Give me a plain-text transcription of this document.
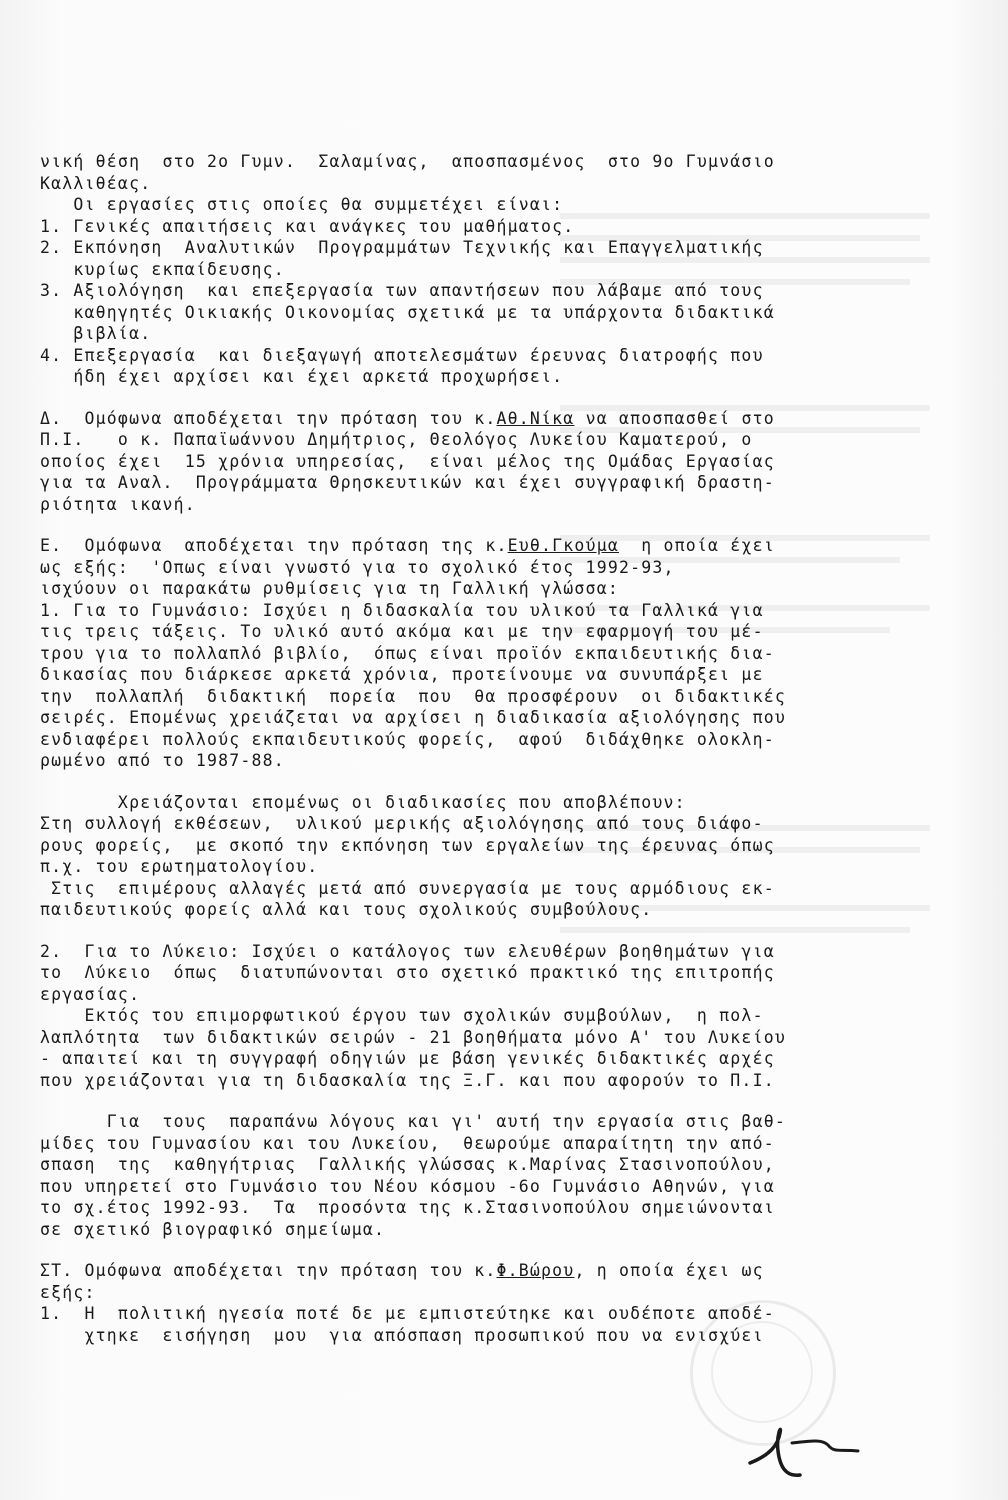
νική θέση  στο 2ο Γυμν.  Σαλαμίνας,  αποσπασμένος  στο 9ο Γυμνάσιο
Καλλιθέας.
Οι εργασίες στις οποίες θα συμμετέχει είναι:
1. Γενικές απαιτήσεις και ανάγκες του μαθήματος.
2. Εκπόνηση  Αναλυτικών  Προγραμμάτων Τεχνικής και Επαγγελματικής
κυρίως εκπαίδευσης.
3. Αξιολόγηση  και επεξεργασία των απαντήσεων που λάβαμε από τους
καθηγητές Οικιακής Οικονομίας σχετικά με τα υπάρχοντα διδακτικά
βιβλία.
4. Επεξεργασία  και διεξαγωγή αποτελεσμάτων έρευνας διατροφής που
ήδη έχει αρχίσει και έχει αρκετά προχωρήσει.
Δ.  Ομόφωνα αποδέχεται την πρόταση του κ.Αθ.Νίκα να αποσπασθεί στο
Π.Ι.   ο κ. Παπαϊωάννου Δημήτριος, Θεολόγος Λυκείου Καματερού, ο
οποίος έχει  15 χρόνια υπηρεσίας,  είναι μέλος της Ομάδας Εργασίας
για τα Αναλ.  Προγράμματα Θρησκευτικών και έχει συγγραφική δραστη-
ριότητα ικανή.
Ε.  Ομόφωνα  αποδέχεται την πρόταση της κ.Ευθ.Γκούμα  η οποία έχει
ως εξής:  'Οπως είναι γνωστό για το σχολικό έτος 1992-93,
ισχύουν οι παρακάτω ρυθμίσεις για τη Γαλλική γλώσσα:
1. Για το Γυμνάσιο: Ισχύει η διδασκαλία του υλικού τα Γαλλικά για
τις τρεις τάξεις. Το υλικό αυτό ακόμα και με την εφαρμογή του μέ-
τρου για το πολλαπλό βιβλίο,  όπως είναι προϊόν εκπαιδευτικής δια-
δικασίας που διάρκεσε αρκετά χρόνια, προτείνουμε να συνυπάρξει με
την  πολλαπλή  διδακτική  πορεία  που  θα προσφέρουν  οι διδακτικές
σειρές. Επομένως χρειάζεται να αρχίσει η διαδικασία αξιολόγησης που
ενδιαφέρει πολλούς εκπαιδευτικούς φορείς,  αφού  διδάχθηκε ολοκλη-
ρωμένο από το 1987-88.
Χρειάζονται επομένως οι διαδικασίες που αποβλέπουν:
Στη συλλογή εκθέσεων,  υλικού μερικής αξιολόγησης από τους διάφο-
ρους φορείς,  με σκοπό την εκπόνηση των εργαλείων της έρευνας όπως
π.χ. του ερωτηματολογίου.
Στις  επιμέρους αλλαγές μετά από συνεργασία με τους αρμόδιους εκ-
παιδευτικούς φορείς αλλά και τους σχολικούς συμβούλους.
2.  Για το Λύκειο: Ισχύει ο κατάλογος των ελευθέρων βοηθημάτων για
το  Λύκειο  όπως  διατυπώνονται στο σχετικό πρακτικό της επιτροπής
εργασίας.
Εκτός του επιμορφωτικού έργου των σχολικών συμβούλων,  η πολ-
λαπλότητα  των διδακτικών σειρών - 21 βοηθήματα μόνο Α' του Λυκείου
- απαιτεί και τη συγγραφή οδηγιών με βάση γενικές διδακτικές αρχές
που χρειάζονται για τη διδασκαλία της Ξ.Γ. και που αφορούν το Π.Ι.
Για  τους  παραπάνω λόγους και γι' αυτή την εργασία στις βαθ-
μίδες του Γυμνασίου και του Λυκείου,  θεωρούμε απαραίτητη την από-
σπαση  της  καθηγήτριας  Γαλλικής γλώσσας κ.Μαρίνας Στασινοπούλου,
που υπηρετεί στο Γυμνάσιο του Νέου κόσμου -6ο Γυμνάσιο Αθηνών, για
το σχ.έτος 1992-93.  Τα  προσόντα της κ.Στασινοπούλου σημειώνονται
σε σχετικό βιογραφικό σημείωμα.
ΣΤ. Ομόφωνα αποδέχεται την πρόταση του κ.Φ.Βώρου, η οποία έχει ως
εξής:
1.  Η  πολιτική ηγεσία ποτέ δε με εμπιστεύτηκε και ουδέποτε αποδέ-
χτηκε  εισήγηση  μου  για απόσπαση προσωπικού που να ενισχύει
